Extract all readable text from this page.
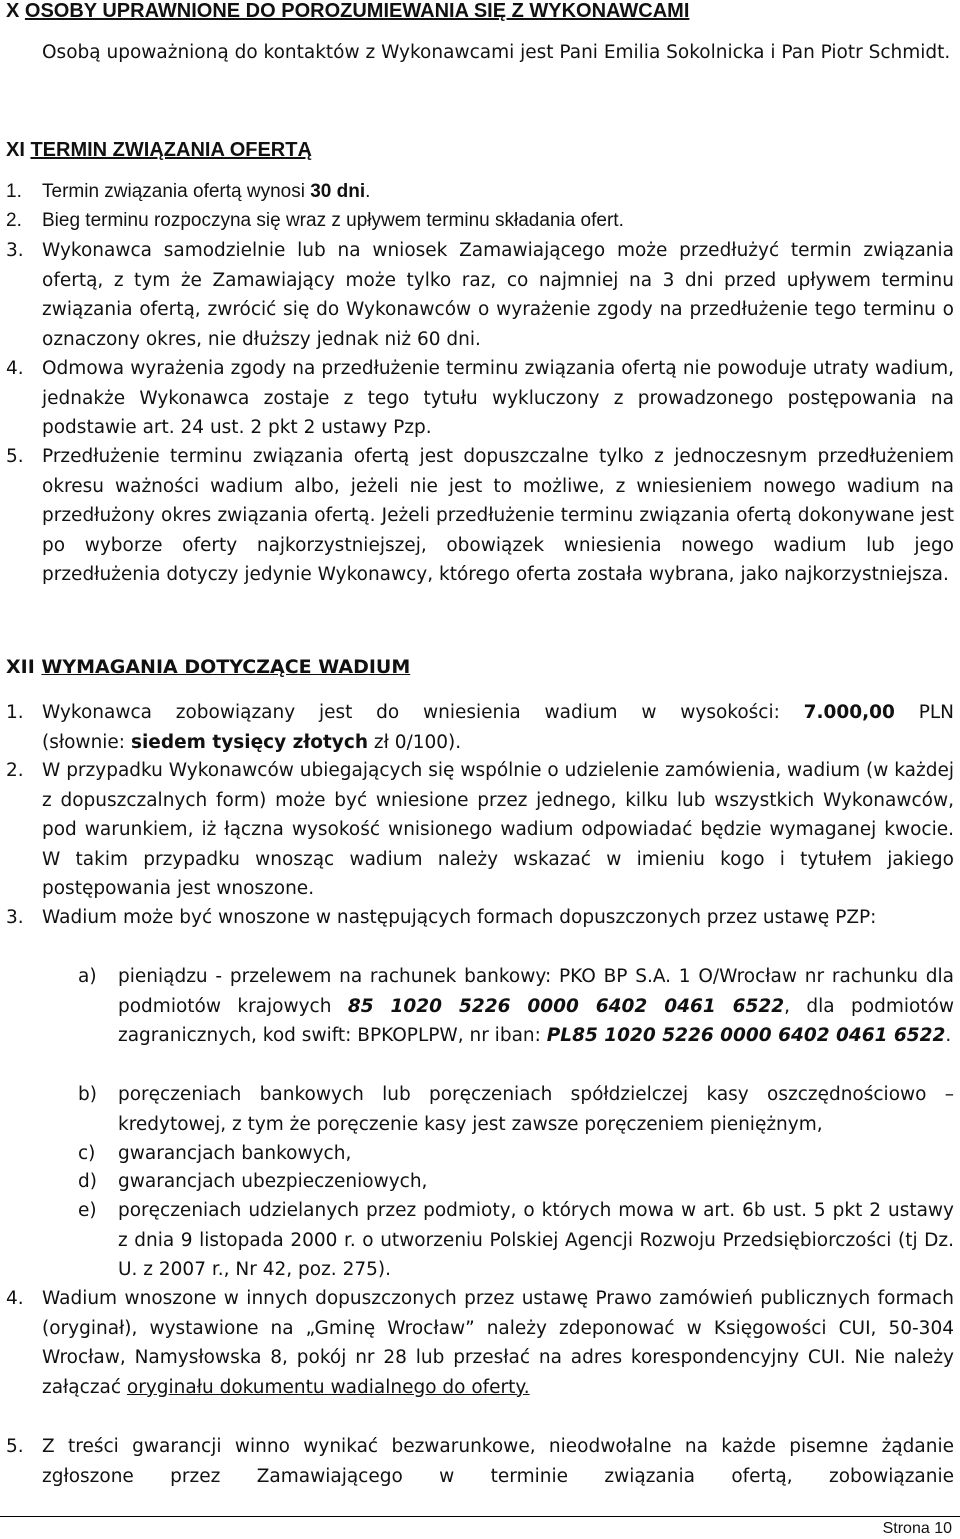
X OSOBY UPRAWNIONE DO POROZUMIEWANIA SIĘ Z WYKONAWCAMI

Osobą upoważnioną do kontaktów z Wykonawcami jest Pani Emilia Sokolnicka i Pan Piotr Schmidt.

XI TERMIN ZWIĄZANIA OFERTĄ
1.	Termin związania ofertą wynosi 30 dni.
2.	Bieg terminu rozpoczyna się wraz z upływem terminu składania ofert.
3. Wykonawca samodzielnie lub na wniosek Zamawiającego może przedłużyć termin związania ofertą, z tym że Zamawiający może tylko raz, co najmniej na 3 dni przed upływem terminu związania ofertą, zwrócić się do Wykonawców o wyrażenie zgody na przedłużenie tego terminu o oznaczony okres, nie dłuższy jednak niż 60 dni.
4. Odmowa wyrażenia zgody na przedłużenie terminu związania ofertą nie powoduje utraty wadium, jednakże Wykonawca zostaje z tego tytułu wykluczony z prowadzonego postępowania na podstawie art. 24 ust. 2 pkt 2 ustawy Pzp.
5. Przedłużenie terminu związania ofertą jest dopuszczalne tylko z jednoczesnym przedłużeniem okresu ważności wadium albo, jeżeli nie jest to możliwe, z wniesieniem nowego wadium na przedłużony okres związania ofertą. Jeżeli przedłużenie terminu związania ofertą dokonywane jest po wyborze oferty najkorzystniejszej, obowiązek wniesienia nowego wadium lub jego przedłużenia dotyczy jedynie Wykonawcy, którego oferta została wybrana, jako najkorzystniejsza.
XII WYMAGANIA DOTYCZĄCE WADIUM
1. Wykonawca zobowiązany jest do wniesienia wadium w wysokości: 7.000,00 PLN
(słownie: siedem tysięcy złotych zł 0/100).
2. W przypadku Wykonawców ubiegających się wspólnie o udzielenie zamówienia, wadium (w każdej z dopuszczalnych form) może być wniesione przez jednego, kilku lub wszystkich Wykonawców, pod warunkiem, iż łączna wysokość wnisionego wadium odpowiadać będzie wymaganej kwocie. W takim przypadku wnosząc wadium należy wskazać w imieniu kogo i tytułem jakiego postępowania jest wnoszone.
3. Wadium może być wnoszone w następujących formach dopuszczonych przez ustawę PZP:
a)	pieniądzu - przelewem na rachunek bankowy: PKO BP S.A. 1 O/Wrocław nr rachunku dla podmiotów krajowych 85 1020 5226 0000 6402 0461 6522, dla podmiotów zagranicznych, kod swift: BPKOPLPW, nr iban: PL85 1020 5226 0000 6402 0461 6522.
b)	poręczeniach bankowych lub poręczeniach spółdzielczej kasy oszczędnościowo – kredytowej, z tym że poręczenie kasy jest zawsze poręczeniem pieniężnym,
c)	gwarancjach bankowych,
d)	gwarancjach ubezpieczeniowych,
e)	poręczeniach udzielanych przez podmioty, o których mowa w art. 6b ust. 5 pkt 2 ustawy z dnia 9 listopada 2000 r. o utworzeniu Polskiej Agencji Rozwoju Przedsiębiorczości (tj Dz. U. z 2007 r., Nr 42, poz. 275).
4. Wadium wnoszone w innych dopuszczonych przez ustawę Prawo zamówień publicznych formach (oryginał), wystawione na „Gminę Wrocław” należy zdeponować w Księgowości CUI, 50-304 Wrocław, Namysłowska 8, pokój nr 28 lub przesłać na adres korespondencyjny CUI. Nie należy załączać oryginału dokumentu wadialnego do oferty.
5. Z treści gwarancji winno wynikać bezwarunkowe, nieodwołalne na każde pisemne żądanie zgłoszone przez Zamawiającego w terminie związania ofertą, zobowiązanie
Strona 10
